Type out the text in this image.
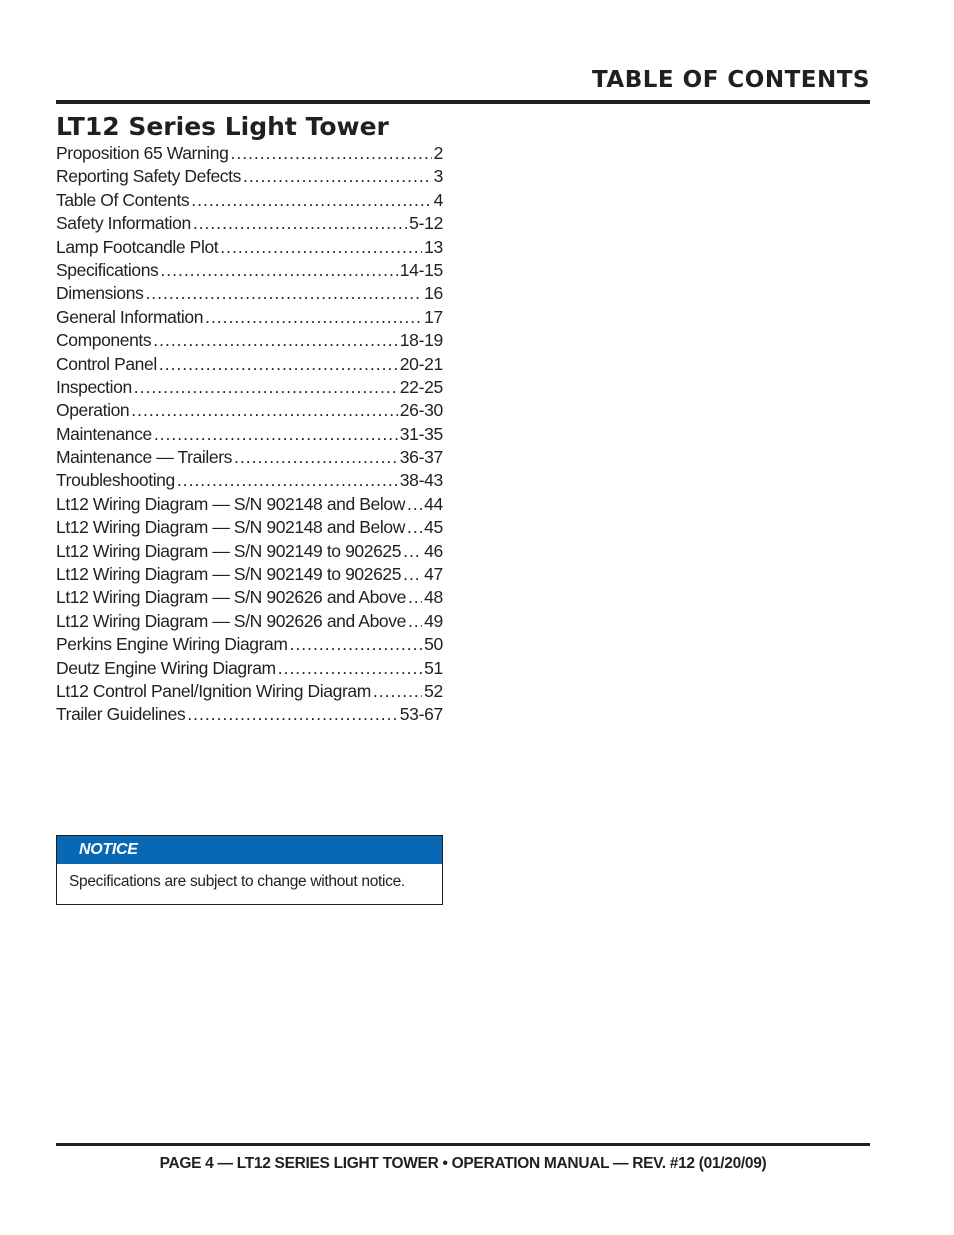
TABLE OF CONTENTS
LT12 Series Light Tower
Proposition 65 Warning .....	2
Reporting Safety Defects .....	3
Table Of Contents .....	4
Safety Information .....	5-12
Lamp Footcandle Plot .....	13
Specifications .....	14-15
Dimensions .....	16
General Information .....	17
Components .....	18-19
Control Panel .....	20-21
Inspection .....	22-25
Operation .....	26-30
Maintenance .....	31-35
Maintenance — Trailers .....	36-37
Troubleshooting .....	38-43
Lt12 Wiring Diagram — S/N 902148 and Below ..... 44
Lt12 Wiring Diagram — S/N 902148 and Below ..... 45
Lt12 Wiring Diagram — S/N 902149 to 902625 ..... 46
Lt12 Wiring Diagram — S/N 902149 to 902625 ..... 47
Lt12 Wiring Diagram — S/N 902626 and Above ..... 48
Lt12 Wiring Diagram — S/N 902626 and Above ..... 49
Perkins Engine Wiring Diagram .....	50
Deutz Engine Wiring Diagram .....	51
Lt12 Control Panel/Ignition Wiring Diagram .....	52
Trailer Guidelines .....	53-67
NOTICE
Specifications are subject to change without notice.
PAGE 4 — LT12 SERIES LIGHT TOWER • OPERATION MANUAL — REV. #12 (01/20/09)
